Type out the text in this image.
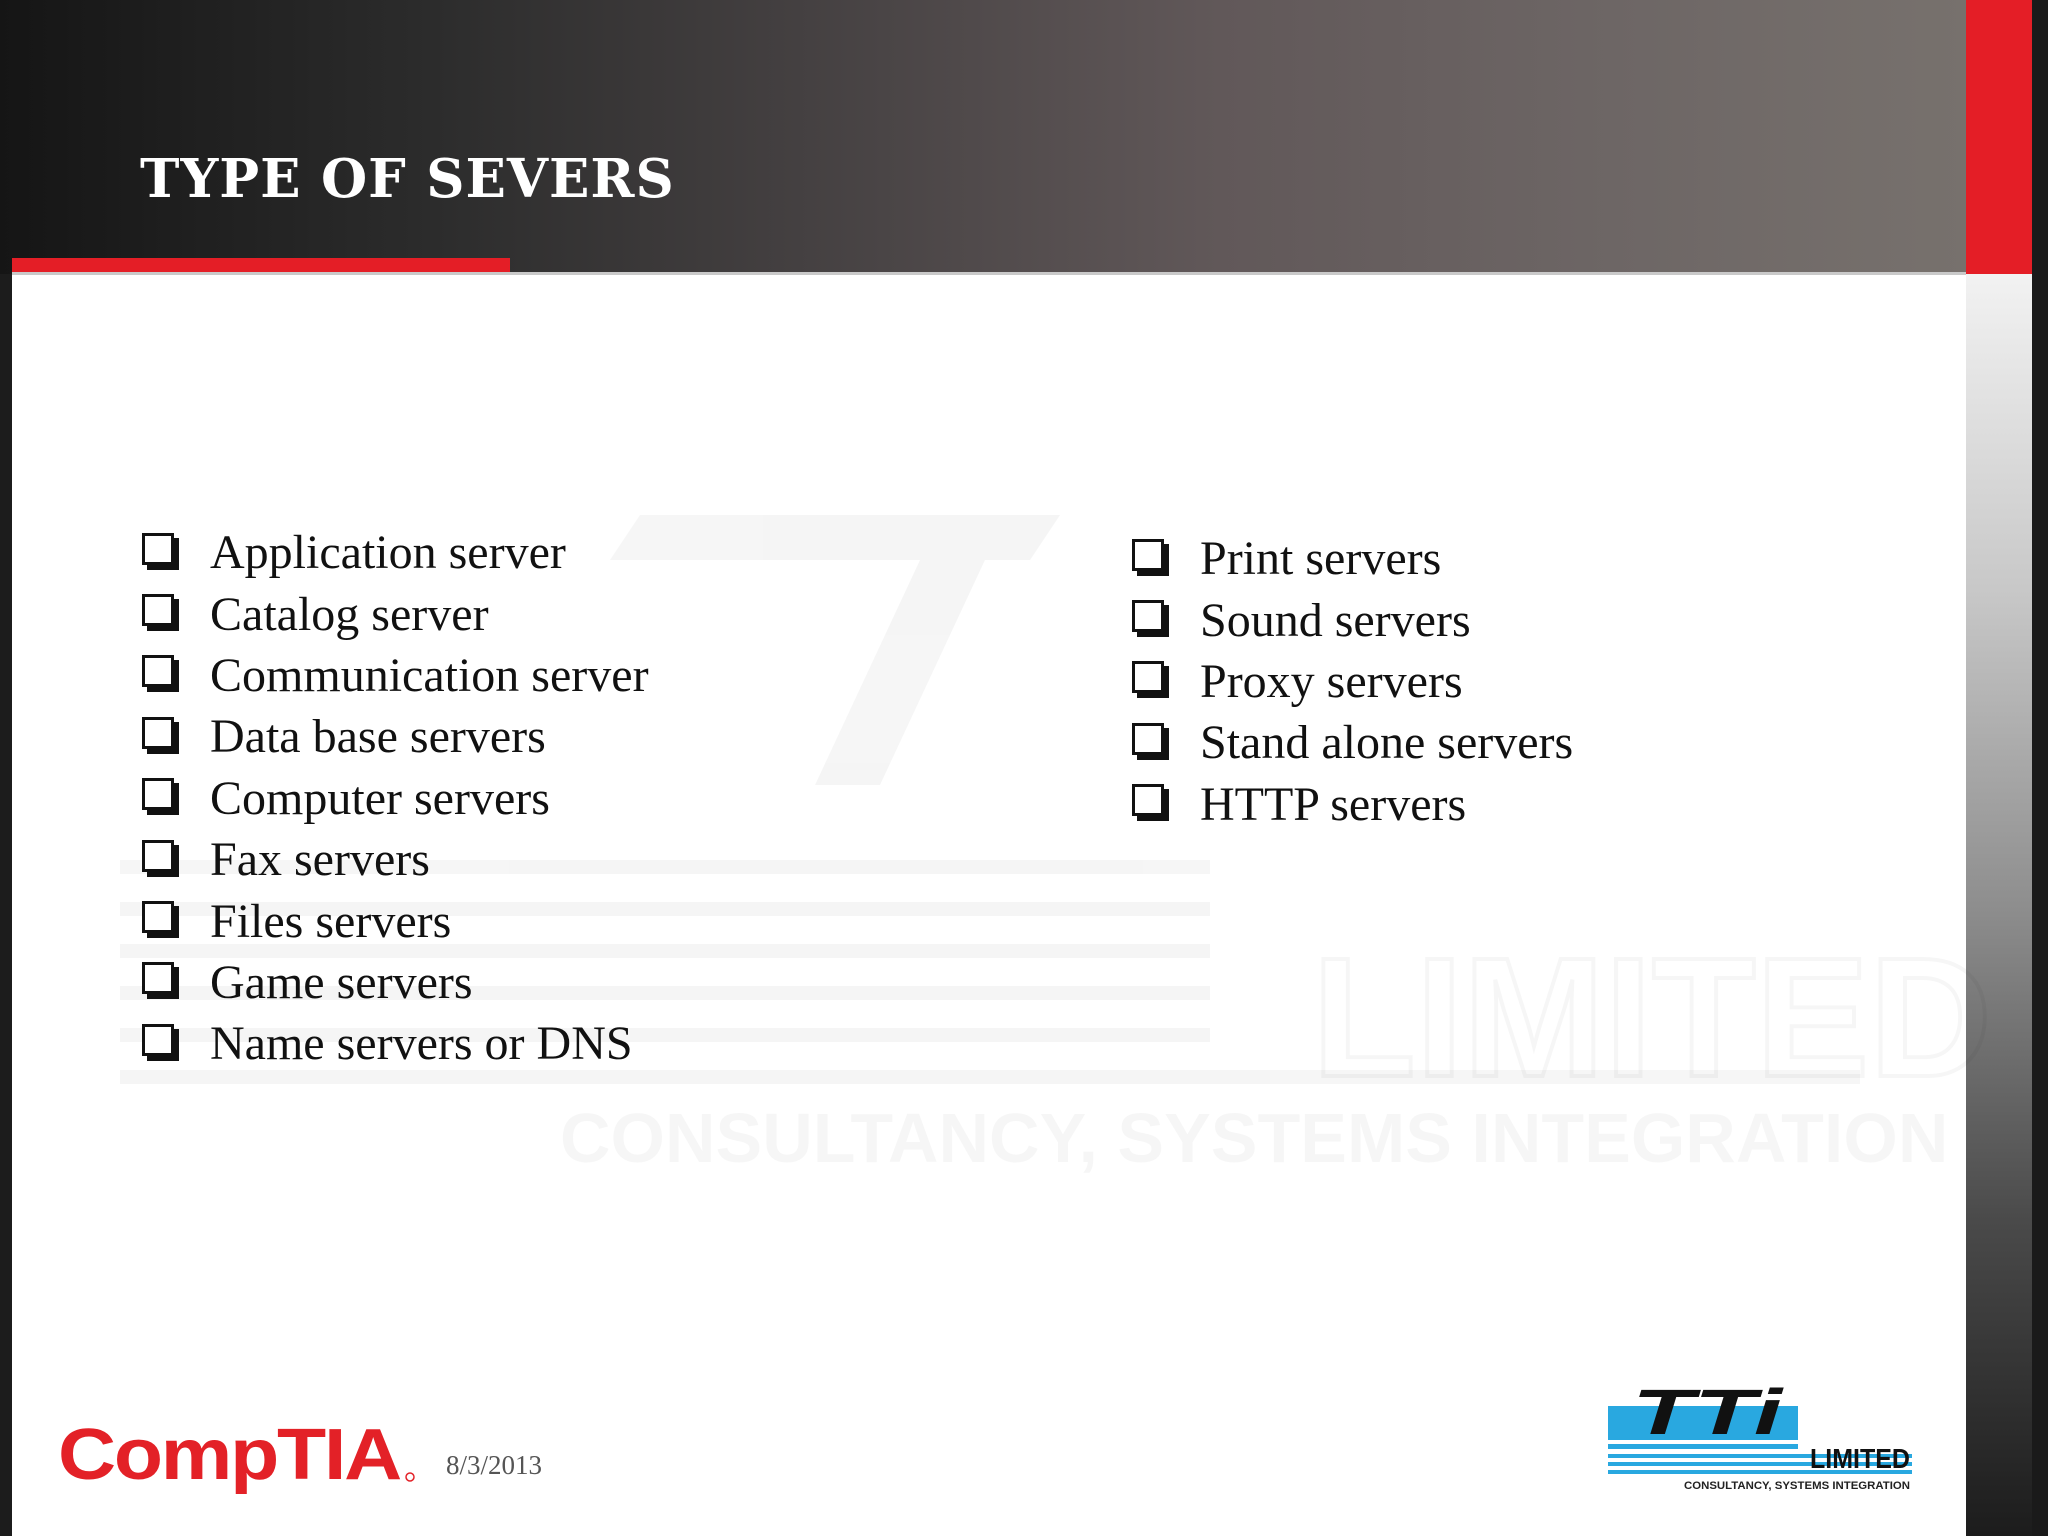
TYPE OF SEVERS
LIMITED
CONSULTANCY, SYSTEMS INTEGRATION
Application server
Catalog server
Communication server
Data base servers
Computer servers
Fax servers
Files servers
Game servers
Name servers or DNS
Print servers
Sound servers
Proxy servers
Stand alone servers
HTTP servers
CompTIA 8/3/2013
TTi
LIMITED
CONSULTANCY, SYSTEMS INTEGRATION
